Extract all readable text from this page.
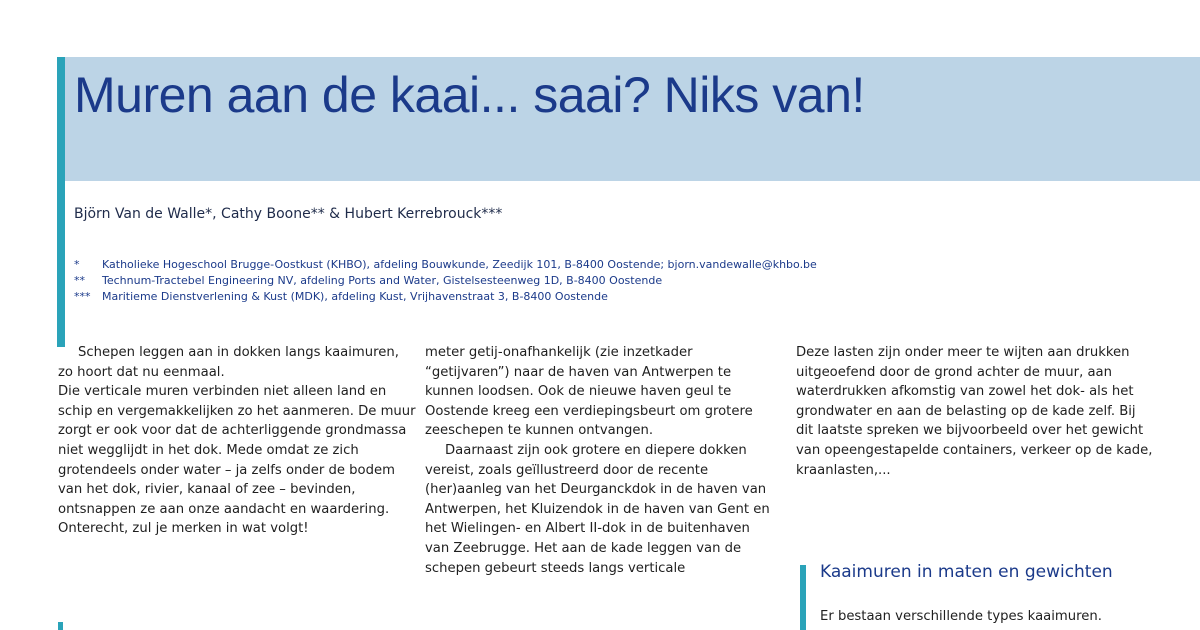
Muren aan de kaai... saai? Niks van!

Björn Van de Walle*, Cathy Boone** & Hubert Kerrebrouck***

* Katholieke Hogeschool Brugge-Oostkust (KHBO), afdeling Bouwkunde, Zeedijk 101, B-8400 Oostende; bjorn.vandewalle@khbo.be
** Technum-Tractebel Engineering NV, afdeling Ports and Water, Gistelsesteenweg 1D, B-8400 Oostende
*** Maritieme Dienstverlening & Kust (MDK), afdeling Kust, Vrijhavenstraat 3, B-8400 Oostende

Schepen leggen aan in dokken langs kaaimuren, zo hoort dat nu eenmaal.

Die verticale muren verbinden niet alleen land en schip en vergemakkelijken zo het aanmeren. De muur zorgt er ook voor dat de achterliggende grondmassa niet wegglijdt in het dok. Mede omdat ze zich grotendeels onder water – ja zelfs onder de bodem van het dok, rivier, kanaal of zee – bevinden, ontsnappen ze aan onze aandacht en waardering. Onterecht, zul je merken in wat volgt!

meter getij-onafhankelijk (zie inzetkader “getijvaren”) naar de haven van Antwerpen te kunnen loodsen. Ook de nieuwe haven geul te Oostende kreeg een verdiepingsbeurt om grotere zeeschepen te kunnen ontvangen.

Daarnaast zijn ook grotere en diepere dokken vereist, zoals geïllustreerd door de recente (her)aanleg van het Deurganckdok in de haven van Antwerpen, het Kluizendok in de haven van Gent en het Wielingen- en Albert II-dok in de buitenhaven van Zeebrugge. Het aan de kade leggen van de schepen gebeurt steeds langs verticale

Deze lasten zijn onder meer te wijten aan drukken uitgeoefend door de grond achter de muur, aan waterdrukken afkomstig van zowel het dok- als het grondwater en aan de belasting op de kade zelf. Bij dit laatste spreken we bijvoorbeeld over het gewicht van opeengestapelde containers, verkeer op de kade, kraanlasten,...

Kaaimuren in maten en gewichten

Er bestaan verschillende types kaaimuren.
